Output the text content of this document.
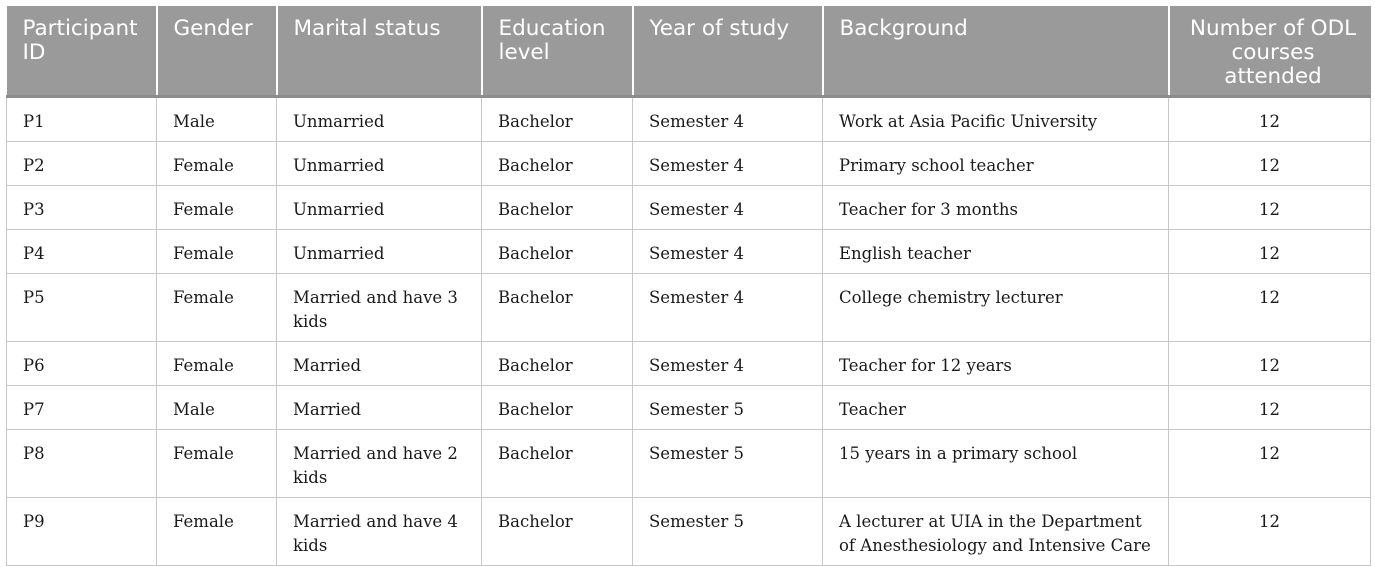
Participant ID	Gender	Marital status	Education level	Year of study	Background	Number of ODL courses attended
P1	Male	Unmarried	Bachelor	Semester 4	Work at Asia Pacific University	12
P2	Female	Unmarried	Bachelor	Semester 4	Primary school teacher	12
P3	Female	Unmarried	Bachelor	Semester 4	Teacher for 3 months	12
P4	Female	Unmarried	Bachelor	Semester 4	English teacher	12
P5	Female	Married and have 3 kids	Bachelor	Semester 4	College chemistry lecturer	12
P6	Female	Married	Bachelor	Semester 4	Teacher for 12 years	12
P7	Male	Married	Bachelor	Semester 5	Teacher	12
P8	Female	Married and have 2 kids	Bachelor	Semester 5	15 years in a primary school	12
P9	Female	Married and have 4 kids	Bachelor	Semester 5	A lecturer at UIA in the Department of Anesthesiology and Intensive Care	12
